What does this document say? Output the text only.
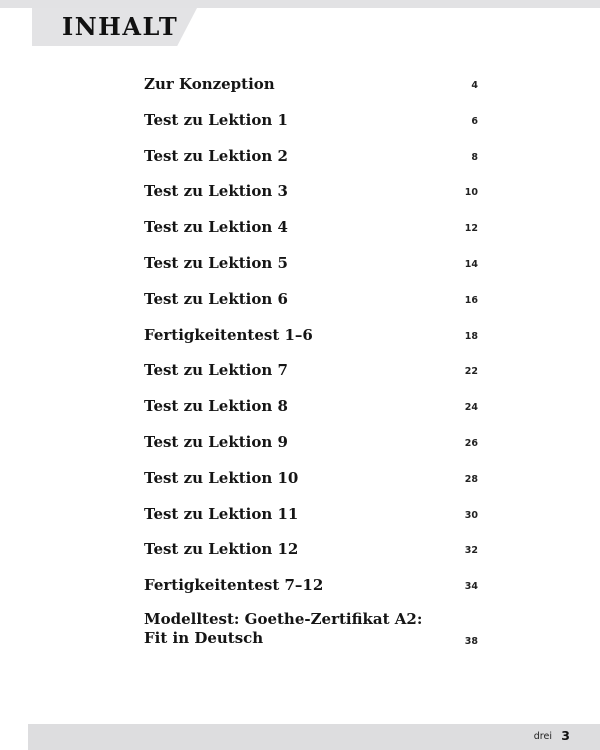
INHALT
Zur Konzeption	4
Test zu Lektion 1	6
Test zu Lektion 2	8
Test zu Lektion 3	10
Test zu Lektion 4	12
Test zu Lektion 5	14
Test zu Lektion 6	16
Fertigkeitentest 1–6	18
Test zu Lektion 7	22
Test zu Lektion 8	24
Test zu Lektion 9	26
Test zu Lektion 10	28
Test zu Lektion 11	30
Test zu Lektion 12	32
Fertigkeitentest 7–12	34
Modelltest: Goethe-Zertifikat A2:
Fit in Deutsch	38
drei 3
